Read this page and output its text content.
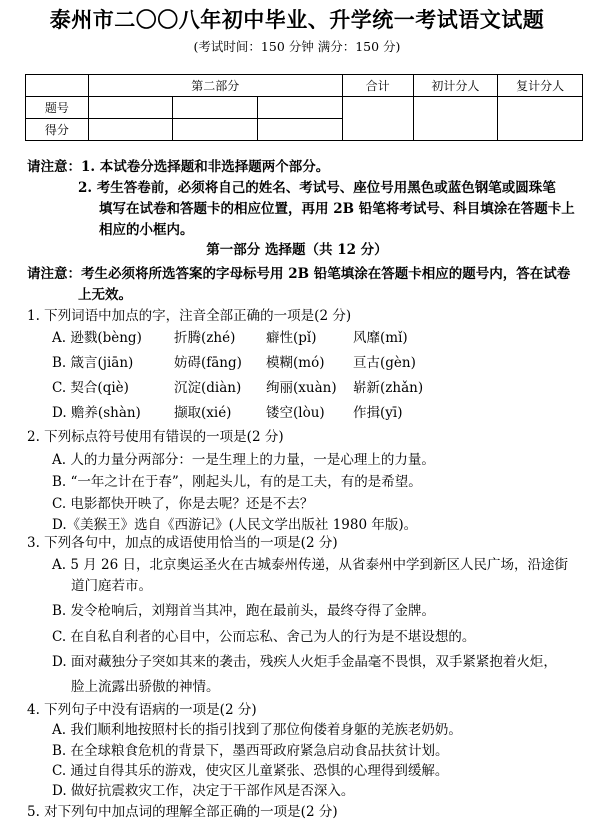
泰州市二〇〇八年初中毕业、升学统一考试语文试题
(考试时间：150 分钟 满分：150 分)
	第二部分			合计	初计分人	复计分人
题号						
得分						
请注意：1. 本试卷分选择题和非选择题两个部分。
2. 考生答卷前，必须将自己的姓名、考试号、座位号用黑色或蓝色钢笔或圆珠笔
填写在试卷和答题卡的相应位置，再用 2B 铅笔将考试号、科目填涂在答题卡上
相应的小框内。
第一部分 选择题（共 12 分）
请注意：考生必须将所选答案的字母标号用 2B 铅笔填涂在答题卡相应的题号内，答在试卷
上无效。
1. 下列词语中加点的字，注音全部正确的一项是(2 分)
A. 逊戮(bèng) 折腾(zhé) 癖性(pǐ)	风靡(mǐ)
B. 箴言(jiān)	妨碍(fāng) 模糊(mó) 亘古(gèn)
C. 契合(qiè)	沉淀(diàn) 绚丽(xuàn) 崭新(zhǎn)
D. 赡养(shàn) 撷取(xié)	镂空(lòu) 作揖(yī)
2. 下列标点符号使用有错误的一项是(2 分)
A. 人的力量分两部分：一是生理上的力量，一是心理上的力量。
B. “一年之计在于春”，刚起头儿，有的是工夫，有的是希望。
C. 电影都快开映了，你是去呢？还是不去？
D.《美猴王》选自《西游记》(人民文学出版社 1980 年版)。
3. 下列各句中，加点的成语使用恰当的一项是(2 分)
A. 5 月 26 日，北京奥运圣火在古城泰州传递，从省泰州中学到新区人民广场，沿途街
道门庭若市。
B. 发令枪响后，刘翔首当其冲，跑在最前头，最终夺得了金牌。
C. 在自私自利者的心目中，公而忘私、舍己为人的行为是不堪设想的。
D. 面对藏独分子突如其来的袭击，残疾人火炬手金晶毫不畏惧，双手紧紧抱着火炬，
脸上流露出骄傲的神情。
4. 下列句子中没有语病的一项是(2 分)
A. 我们顺利地按照村长的指引找到了那位佝偻着身躯的羌族老奶奶。
B. 在全球粮食危机的背景下，墨西哥政府紧急启动食品扶贫计划。
C. 通过自得其乐的游戏，使灾区儿童紧张、恐惧的心理得到缓解。
D. 做好抗震救灾工作，决定于干部作风是否深入。
5. 对下列句中加点词的理解全部正确的一项是(2 分)
